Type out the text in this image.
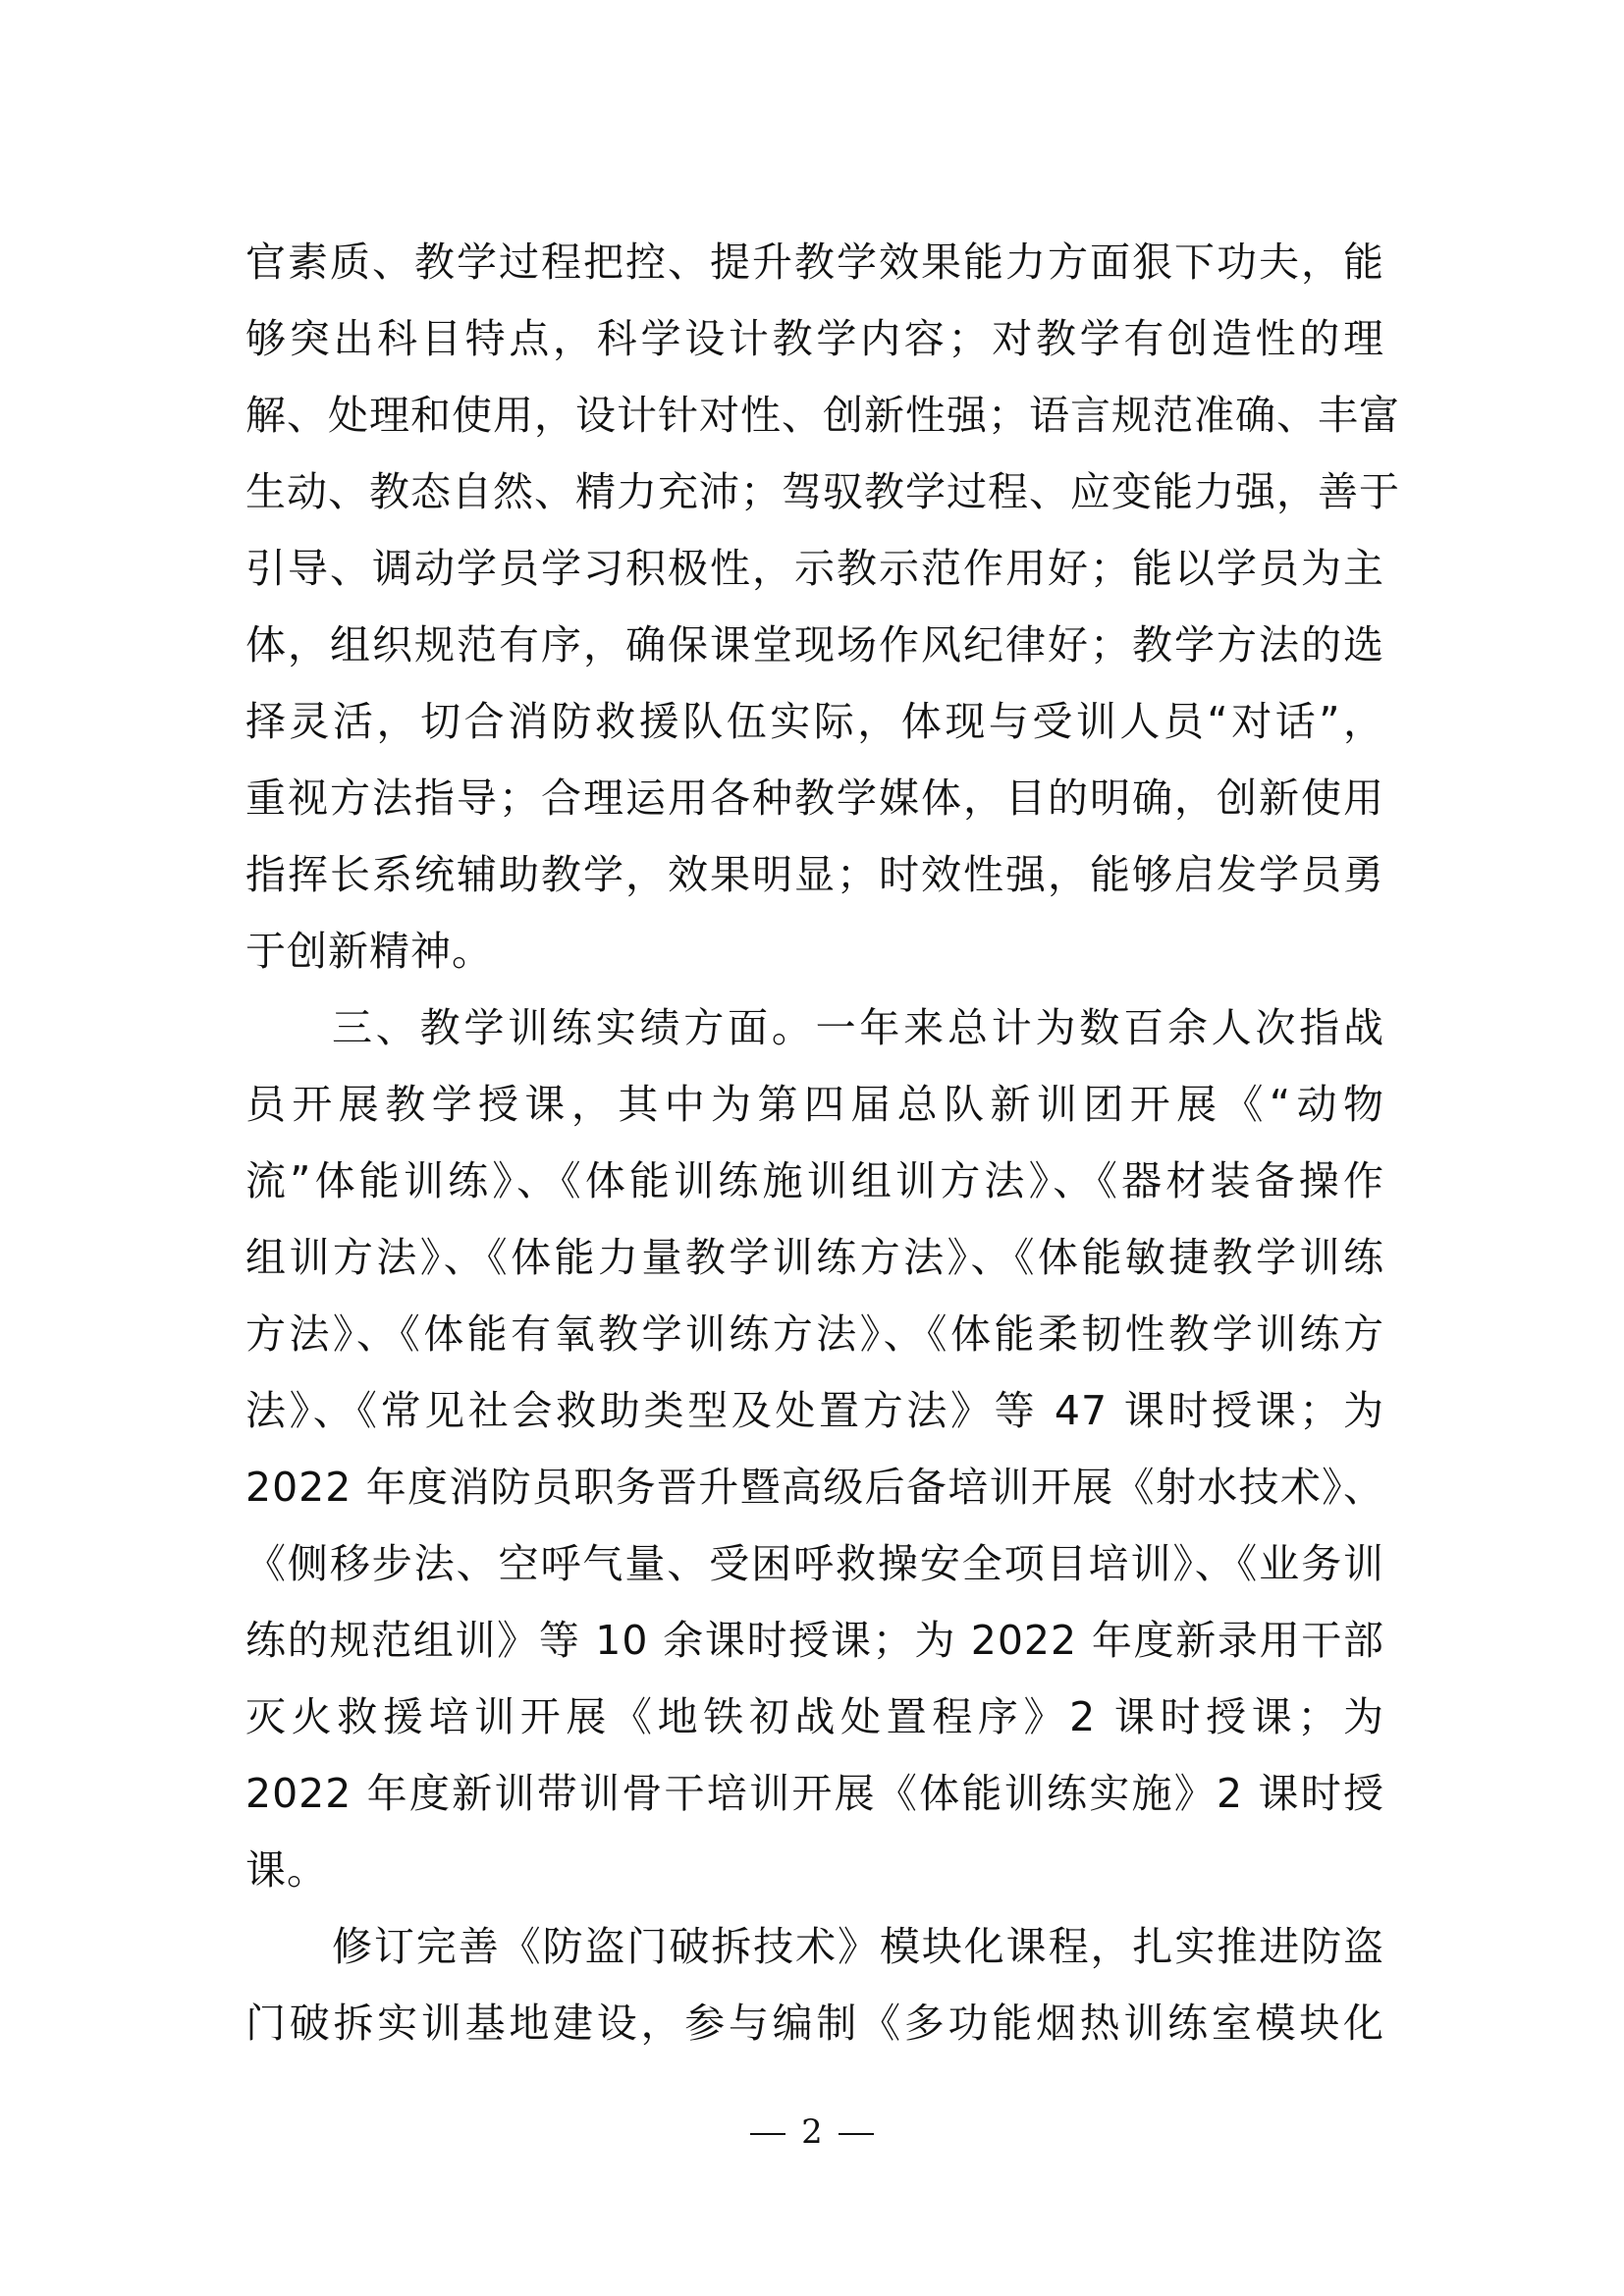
官素质、教学过程把控、提升教学效果能力方面狠下功夫，能
够突出科目特点，科学设计教学内容；对教学有创造性的理
解、处理和使用，设计针对性、创新性强；语言规范准确、丰富
生动、教态自然、精力充沛；驾驭教学过程、应变能力强，善于
引导、调动学员学习积极性，示教示范作用好；能以学员为主
体，组织规范有序，确保课堂现场作风纪律好；教学方法的选
择灵活，切合消防救援队伍实际，体现与受训人员“对话”，
重视方法指导；合理运用各种教学媒体，目的明确，创新使用
指挥长系统辅助教学，效果明显；时效性强，能够启发学员勇
于创新精神。
三、教学训练实绩方面。一年来总计为数百余人次指战
员开展教学授课，其中为第四届总队新训团开展《“动物
流”体能训练》、《体能训练施训组训方法》、《器材装备操作
组训方法》、《体能力量教学训练方法》、《体能敏捷教学训练
方法》、《体能有氧教学训练方法》、《体能柔韧性教学训练方
法》、《常见社会救助类型及处置方法》等 47 课时授课；为
2022 年度消防员职务晋升暨高级后备培训开展《射水技术》、
《侧移步法、空呼气量、受困呼救操安全项目培训》、《业务训
练的规范组训》等 10 余课时授课；为 2022 年度新录用干部
灭火救援培训开展《地铁初战处置程序》2 课时授课；为
2022 年度新训带训骨干培训开展《体能训练实施》2 课时授
课。
修订完善《防盗门破拆技术》模块化课程，扎实推进防盗
门破拆实训基地建设，参与编制《多功能烟热训练室模块化
2
